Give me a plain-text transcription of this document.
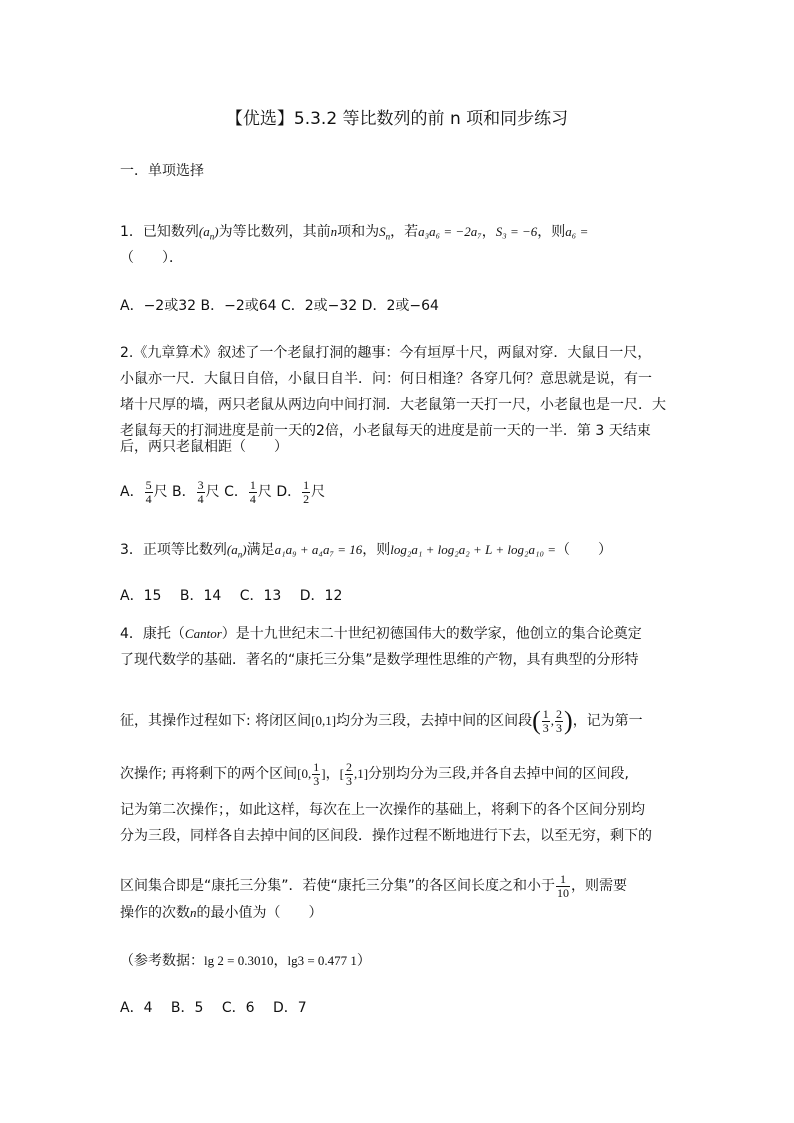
【优选】5.3.2 等比数列的前 n 项和同步练习
一．单项选择
1．已知数列$(a_n)$为等比数列，其前n项和为$S_n$，若a₃a₆ = −2a₇，S₃ = −6，则a₆ =
（　　）．
A．−2或32 B．−2或64 C．2或−32 D．2或−64
2.《九章算术》叙述了一个老鼠打洞的趣事：今有垣厚十尺，两鼠对穿．大鼠日一尺，
小鼠亦一尺．大鼠日自倍，小鼠日自半．问：何日相逢？各穿几何？意思就是说，有一
堵十尺厚的墙，两只老鼠从两边向中间打洞．大老鼠第一天打一尺，小老鼠也是一尺．大
老鼠每天的打洞进度是前一天的2倍，小老鼠每天的进度是前一天的一半．第 3 天结束
后，两只老鼠相距（　　）
A． $\frac{5}{4}$ 尺 B． $\frac{3}{4}$ 尺 C． $\frac{1}{4}$ 尺 D． $\frac{1}{2}$ 尺
3．正项等比数列$(a_n)$满足a₁a₉ + a₄a₇ = 16，则log₂a₁ + log₂a₂ + L + log₂a₁₀ =（　　）
A．15　 B．14　 C．13　 D．12
4．康托（Cantor）是十九世纪末二十世纪初德国伟大的数学家，他创立的集合论奠定
了现代数学的基础．著名的“康托三分集”是数学理性思维的产物，具有典型的分形特
征，其操作过程如下: 将闭区间[0,1]均分为三段，去掉中间的区间段( $\frac{1}{3}$ , $\frac{2}{3}$ )，记为第一
次操作; 再将剩下的两个区间[0, $\frac{1}{3}$ ]，[ $\frac{2}{3} ,1$]分别均分为三段,并各自去掉中间的区间段,
记为第二次操作；，如此这样，每次在上一次操作的基础上，将剩下的各个区间分别均
分为三段，同样各自去掉中间的区间段．操作过程不断地进行下去，以至无穷，剩下的
区间集合即是“康托三分集”．若使“康托三分集”的各区间长度之和小于 $\frac{1}{10}$ ，则需要
操作的次数n的最小值为（　　）
（参考数据：lg 2 = 0.3010，lg3 = 0.477 1）
A．4　 B．5　 C．6　 D．7
